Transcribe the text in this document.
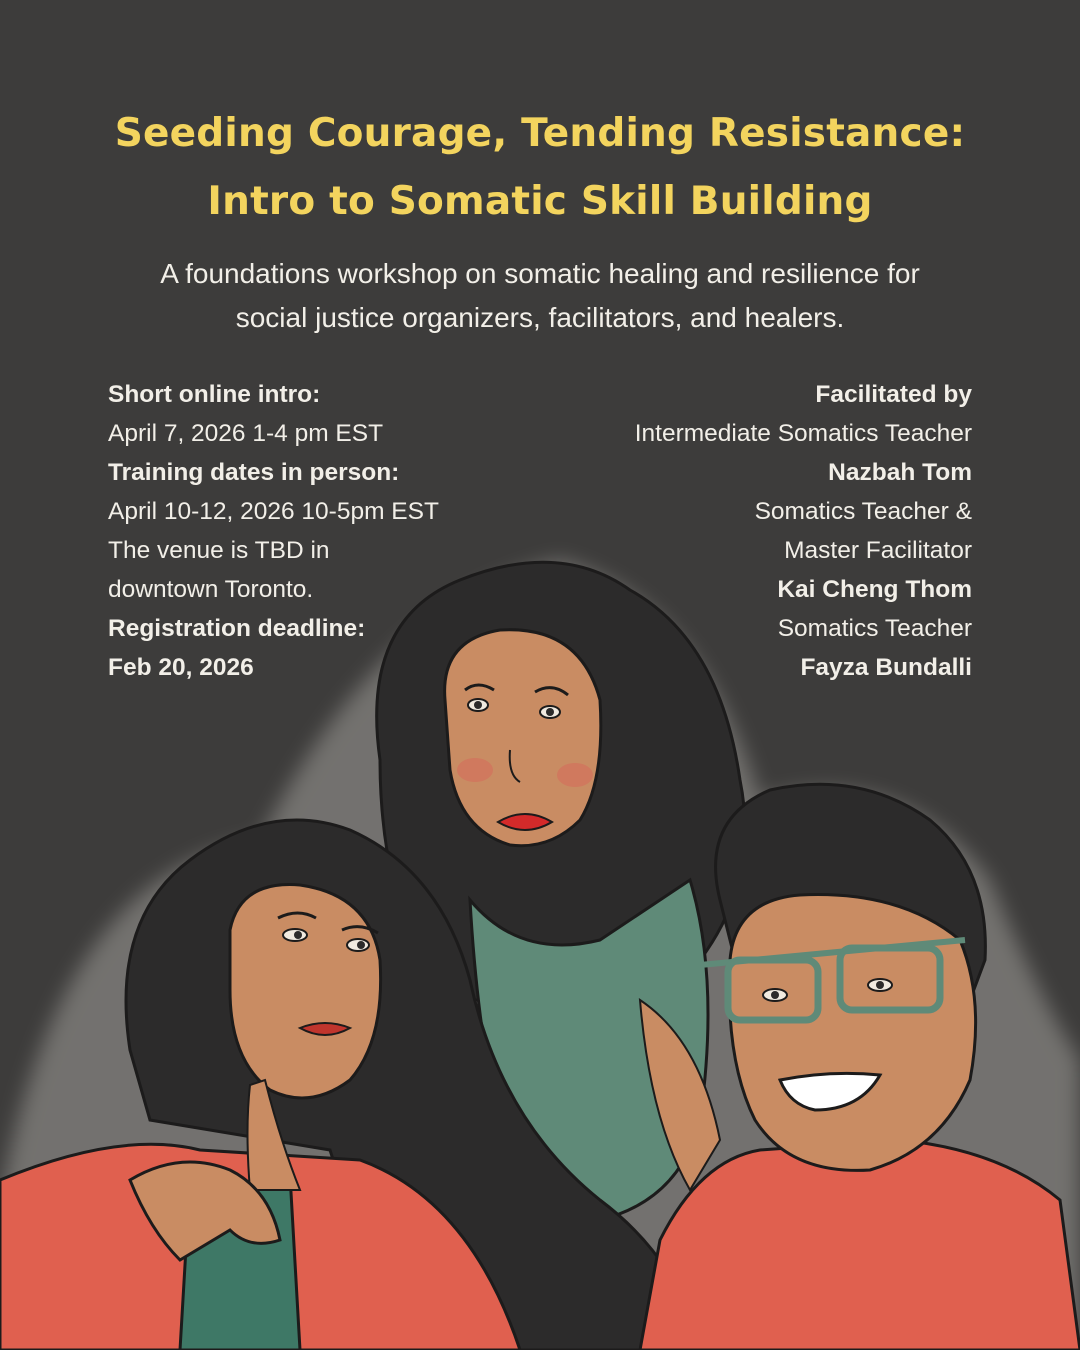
Seeding Courage, Tending Resistance:
Intro to Somatic Skill Building
A foundations workshop on somatic healing and resilience for
social justice organizers, facilitators, and healers.
Short online intro:
April 7, 2026 1-4 pm EST
Training dates in person:
April 10-12, 2026 10-5pm EST
The venue is TBD in
downtown Toronto.
Registration deadline:
Feb 20, 2026
Facilitated by
Intermediate Somatics Teacher
Nazbah Tom
Somatics Teacher &
Master Facilitator
Kai Cheng Thom
Somatics Teacher
Fayza Bundalli
